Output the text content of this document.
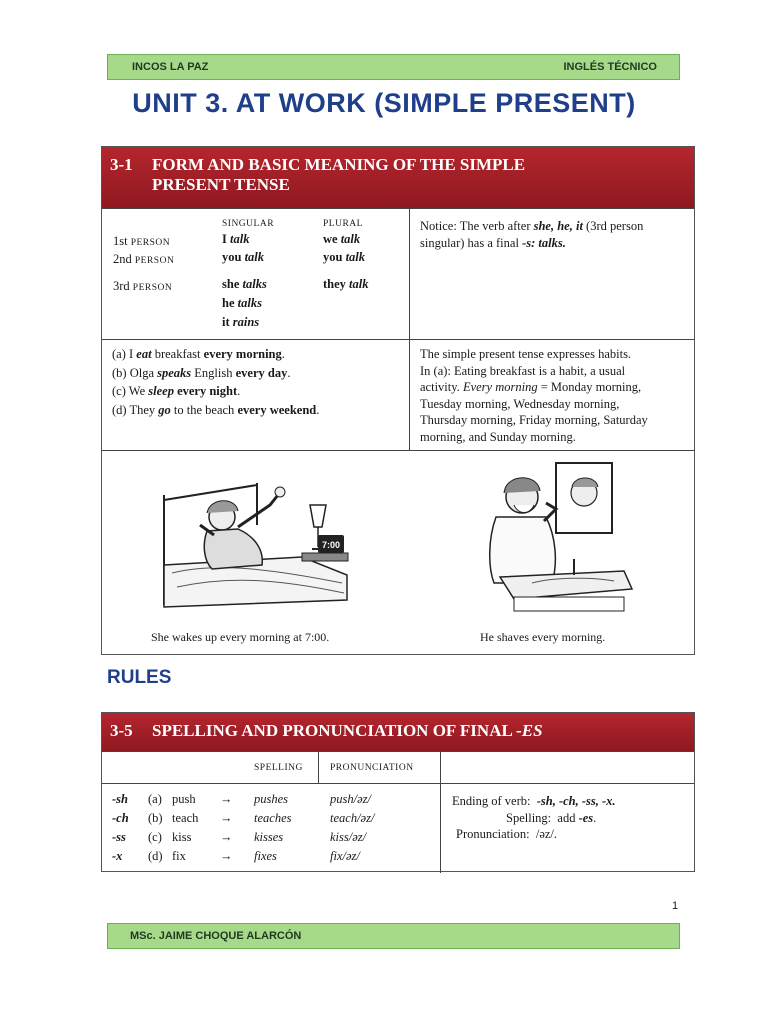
INCOS LA PAZ	INGLÉS TÉCNICO
UNIT 3. AT WORK (SIMPLE PRESENT)
3-1 FORM AND BASIC MEANING OF THE SIMPLE
PRESENT TENSE
SINGULAR	PLURAL
1st PERSON	I talk	we talk
2nd PERSON	you talk	you talk
3rd PERSON	she talks	they talk
he talks
it rains
Notice: The verb after she, he, it (3rd person
singular) has a final -s: talks.
(a) I eat breakfast every morning.
(b) Olga speaks English every day.
(c) We sleep every night.
(d) They go to the beach every weekend.
The simple present tense expresses habits.
In (a): Eating breakfast is a habit, a usual
activity. Every morning = Monday morning,
Tuesday morning, Wednesday morning,
Thursday morning, Friday morning, Saturday
morning, and Sunday morning.
7:00
She wakes up every morning at 7:00.	He shaves every morning.
RULES
3-5 SPELLING AND PRONUNCIATION OF FINAL -ES
SPELLING	PRONUNCIATION
-sh (a) push → pushes	push/əz/
-ch (b) teach → teaches	teach/əz/
-ss (c) kiss → kisses	kiss/əz/
-x (d) fix	→ fixes	fix/əz/
Ending of verb: -sh, -ch, -ss, -x.
Spelling: add -es.
Pronunciation: /əz/.
1
MSc. JAIME CHOQUE ALARCÓN
